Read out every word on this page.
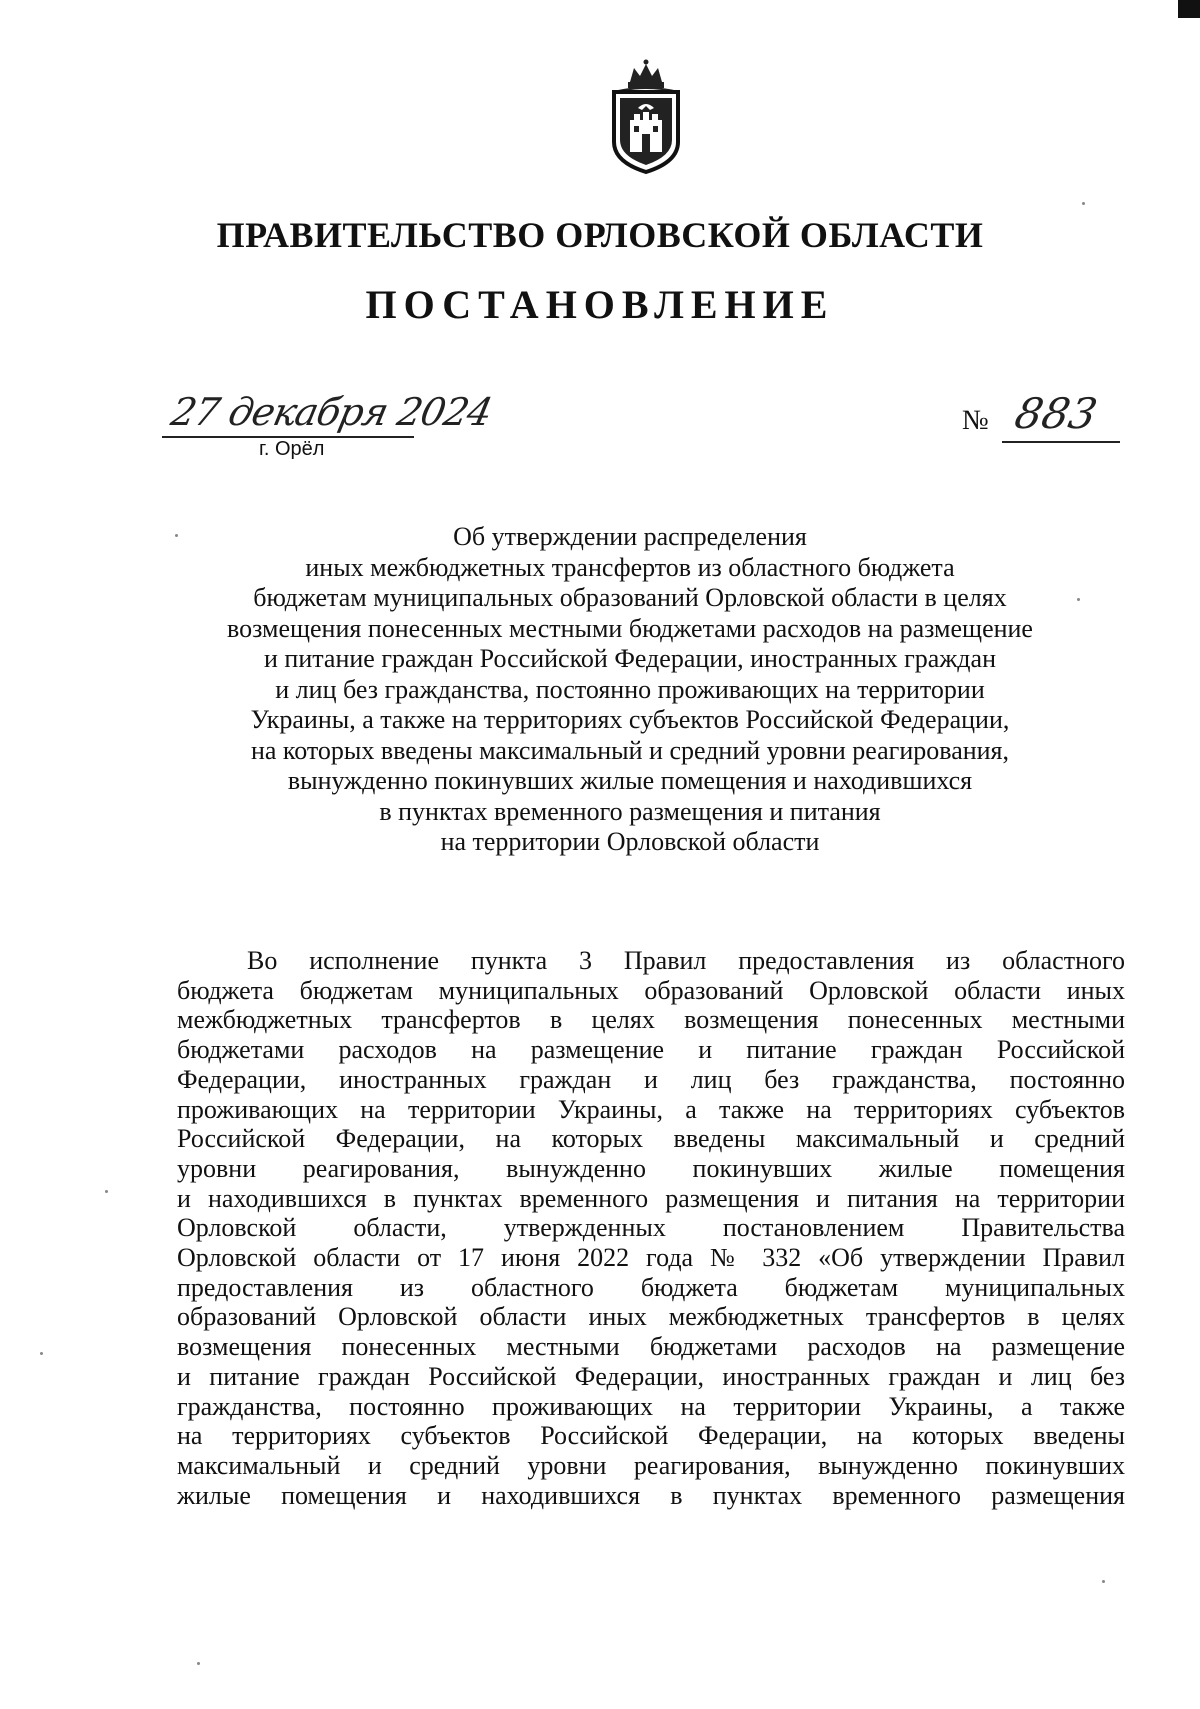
ПРАВИТЕЛЬСТВО ОРЛОВСКОЙ ОБЛАСТИ
ПОСТАНОВЛЕНИЕ
27 декабря 2024
г. Орёл
№ 883
Об утверждении распределения
иных межбюджетных трансфертов из областного бюджета
бюджетам муниципальных образований Орловской области в целях
возмещения понесенных местными бюджетами расходов на размещение
и питание граждан Российской Федерации, иностранных граждан
и лиц без гражданства, постоянно проживающих на территории
Украины, а также на территориях субъектов Российской Федерации,
на которых введены максимальный и средний уровни реагирования,
вынужденно покинувших жилые помещения и находившихся
в пунктах временного размещения и питания
на территории Орловской области
Во исполнение пункта 3 Правил предоставления из областного
бюджета бюджетам муниципальных образований Орловской области иных
межбюджетных трансфертов в целях возмещения понесенных местными
бюджетами расходов на размещение и питание граждан Российской
Федерации, иностранных граждан и лиц без гражданства, постоянно
проживающих на территории Украины, а также на территориях субъектов
Российской Федерации, на которых введены максимальный и средний
уровни реагирования, вынужденно покинувших жилые помещения
и находившихся в пунктах временного размещения и питания на территории
Орловской области, утвержденных постановлением Правительства
Орловской области от 17 июня 2022 года № 332 «Об утверждении Правил
предоставления из областного бюджета бюджетам муниципальных
образований Орловской области иных межбюджетных трансфертов в целях
возмещения понесенных местными бюджетами расходов на размещение
и питание граждан Российской Федерации, иностранных граждан и лиц без
гражданства, постоянно проживающих на территории Украины, а также
на территориях субъектов Российской Федерации, на которых введены
максимальный и средний уровни реагирования, вынужденно покинувших
жилые помещения и находившихся в пунктах временного размещения
